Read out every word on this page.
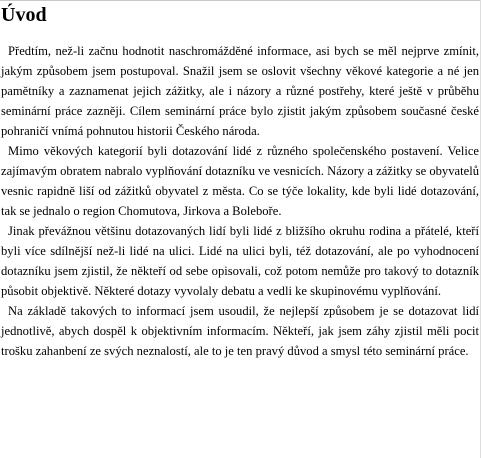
Úvod

Předtím, než-li začnu hodnotit naschromážděné informace, asi bych se měl nejprve zmínit, jakým způsobem jsem postupoval. Snažil jsem se oslovit všechny věkové kategorie a né jen pamětníky a zaznamenat jejich zážitky, ale i názory a různé postřehy, které ještě v průběhu seminární práce zazněji. Cílem seminární práce bylo zjistit jakým způsobem současné české pohraničí vnímá pohnutou historii Českého národa.

Mimo věkových kategorií byli dotazování lidé z různého společenského postavení. Velice zajímavým obratem nabralo vyplňování dotazníku ve vesnicích. Názory a zážitky se obyvatelů vesnic rapidně liší od zážitků obyvatel z města. Co se týče lokality, kde byli lidé dotazování, tak se jednalo o region Chomutova, Jirkova a Boleboře.

Jinak převážnou většinu dotazovaných lidí byli lidé z bližšího okruhu rodina a přátelé, kteří byli více sdílnější než-li lidé na ulici. Lidé na ulici byli, též dotazování, ale po vyhodnocení dotazníku jsem zjistil, že někteří od sebe opisovali, což potom nemůže pro takový to dotazník působit objektivě. Některé dotazy vyvolaly debatu a vedli ke skupinovému vyplňování.

Na základě takových to informací jsem usoudil, že nejlepší způsobem je se dotazovat lidí jednotlivě, abych dospěl k objektivním informacím. Někteří, jak jsem záhy zjistil měli pocit trošku zahanbení ze svých neznalostí, ale to je ten pravý důvod a smysl této seminární práce.
